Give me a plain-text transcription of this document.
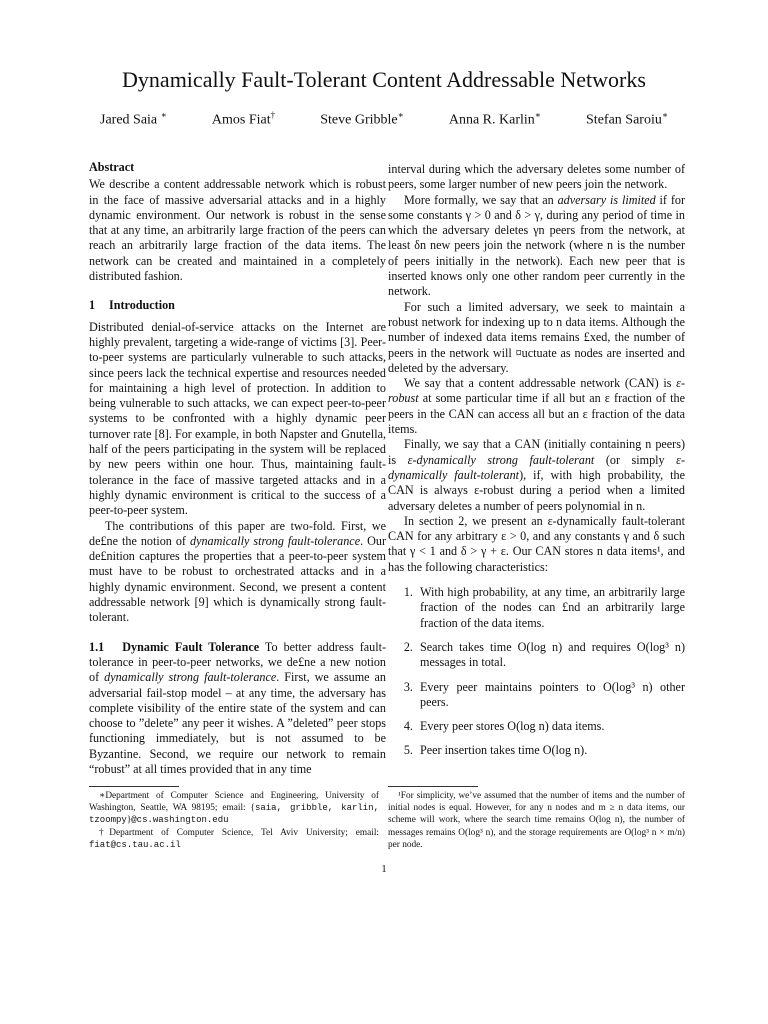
Dynamically Fault-Tolerant Content Addressable Networks
Jared Saia ∗	Amos Fiat†	Steve Gribble∗	Anna R. Karlin∗	Stefan Saroiu∗
Abstract

We describe a content addressable network which is robust in the face of massive adversarial attacks and in a highly dynamic environment. Our network is robust in the sense that at any time, an arbitrarily large fraction of the peers can reach an arbitrarily large fraction of the data items. The network can be created and maintained in a completely distributed fashion.

1 Introduction

Distributed denial-of-service attacks on the Internet are highly prevalent, targeting a wide-range of victims [3]. Peer-to-peer systems are particularly vulnerable to such attacks, since peers lack the technical expertise and resources needed for maintaining a high level of protection. In addition to being vulnerable to such attacks, we can expect peer-to-peer systems to be confronted with a highly dynamic peer turnover rate [8]. For example, in both Napster and Gnutella, half of the peers participating in the system will be replaced by new peers within one hour. Thus, maintaining fault-tolerance in the face of massive targeted attacks and in a highly dynamic environment is critical to the success of a peer-to-peer system.

The contributions of this paper are two-fold. First, we de£ne the notion of dynamically strong fault-tolerance. Our de£nition captures the properties that a peer-to-peer system must have to be robust to orchestrated attacks and in a highly dynamic environment. Second, we present a content addressable network [9] which is dynamically strong fault-tolerant.

1.1 Dynamic Fault Tolerance To better address fault-tolerance in peer-to-peer networks, we de£ne a new notion of dynamically strong fault-tolerance. First, we assume an adversarial fail-stop model – at any time, the adversary has complete visibility of the entire state of the system and can choose to ”delete” any peer it wishes. A ”deleted” peer stops functioning immediately, but is not assumed to be Byzantine. Second, we require our network to remain “robust” at all times provided that in any time

interval during which the adversary deletes some number of peers, some larger number of new peers join the network.

More formally, we say that an adversary is limited if for some constants γ > 0 and δ > γ, during any period of time in which the adversary deletes γn peers from the network, at least δn new peers join the network (where n is the number of peers initially in the network). Each new peer that is inserted knows only one other random peer currently in the network.

For such a limited adversary, we seek to maintain a robust network for indexing up to n data items. Although the number of indexed data items remains £xed, the number of peers in the network will ¤uctuate as nodes are inserted and deleted by the adversary.

We say that a content addressable network (CAN) is ε-robust at some particular time if all but an ε fraction of the peers in the CAN can access all but an ε fraction of the data items.

Finally, we say that a CAN (initially containing n peers) is ε-dynamically strong fault-tolerant (or simply ε-dynamically fault-tolerant), if, with high probability, the CAN is always ε-robust during a period when a limited adversary deletes a number of peers polynomial in n.

In section 2, we present an ε-dynamically fault-tolerant CAN for any arbitrary ε > 0, and any constants γ and δ such that γ < 1 and δ > γ + ε. Our CAN stores n data items¹, and has the following characteristics:

1. With high probability, at any time, an arbitrarily large fraction of the nodes can £nd an arbitrarily large fraction of the data items.
2. Search takes time O(log n) and requires O(log³ n) messages in total.
3. Every peer maintains pointers to O(log³ n) other peers.
4. Every peer stores O(log n) data items.
5. Peer insertion takes time O(log n).

∗Department of Computer Science and Engineering, University of Washington, Seattle, WA 98195; email: {saia, gribble, karlin, tzoompy}@cs.washington.edu

†Department of Computer Science, Tel Aviv University; email: fiat@cs.tau.ac.il

¹For simplicity, we’ve assumed that the number of items and the number of initial nodes is equal. However, for any n nodes and m ≥ n data items, our scheme will work, where the search time remains O(log n), the number of messages remains O(log³ n), and the storage requirements are O(log³ n × m/n) per node.

1
